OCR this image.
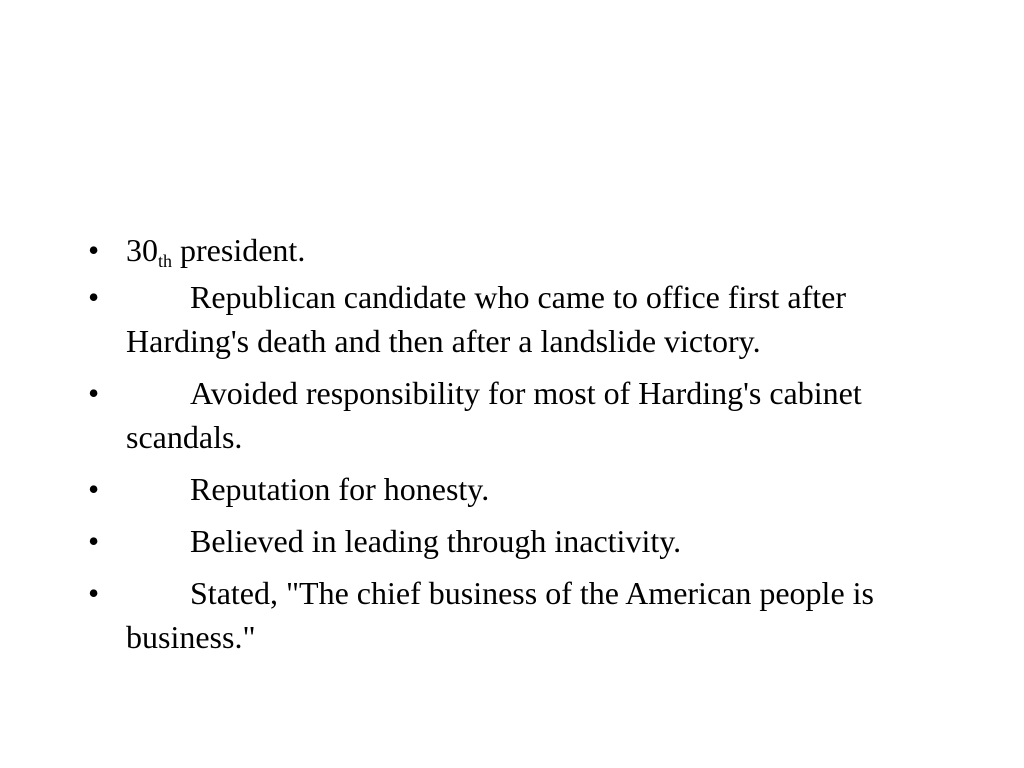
• 30th president.
•	Republican candidate who came to office first after Harding's death and then after a landslide victory.
•	Avoided responsibility for most of Harding's cabinet scandals.
•	Reputation for honesty.
•	Believed in leading through inactivity.
•	Stated, "The chief business of the American people is business."
